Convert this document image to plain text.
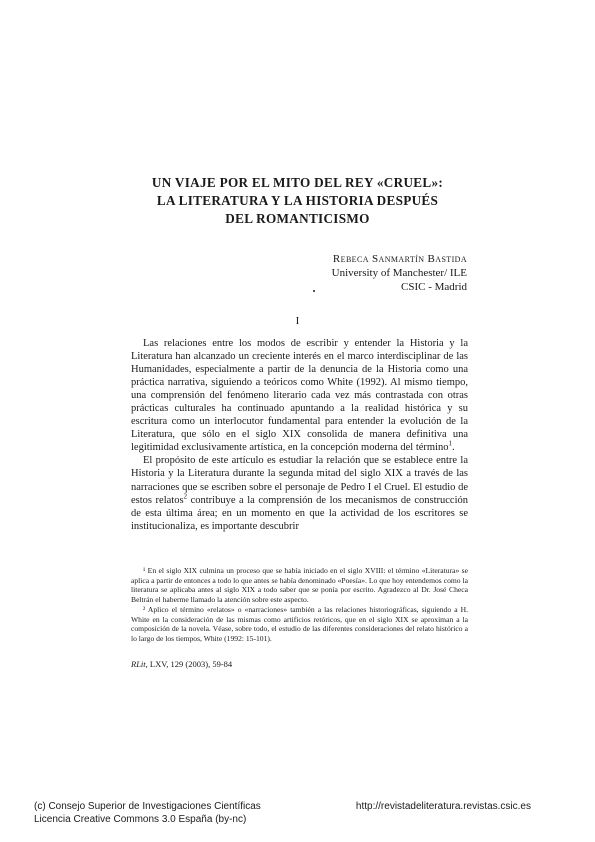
UN VIAJE POR EL MITO DEL REY «CRUEL»:
LA LITERATURA Y LA HISTORIA DESPUÉS
DEL ROMANTICISMO
Rebeca Sanmartín Bastida
University of Manchester/ ILE
CSIC - Madrid
I

Las relaciones entre los modos de escribir y entender la Historia y la Literatura han alcanzado un creciente interés en el marco interdisciplinar de las Humanidades, especialmente a partir de la denuncia de la Historia como una práctica narrativa, siguiendo a teóricos como White (1992). Al mismo tiempo, una comprensión del fenómeno literario cada vez más contrastada con otras prácticas culturales ha continuado apuntando a la realidad histórica y su escritura como un interlocutor fundamental para entender la evolución de la Literatura, que sólo en el siglo XIX consolida de manera definitiva una legitimidad exclusivamente artística, en la concepción moderna del término$^1$.

El propósito de este artículo es estudiar la relación que se establece entre la Historia y la Literatura durante la segunda mitad del siglo XIX a través de las narraciones que se escriben sobre el personaje de Pedro I el Cruel. El estudio de estos relatos$^2$ contribuye a la comprensión de los mecanismos de construcción de esta última área; en un momento en que la actividad de los escritores se institucionaliza, es importante descubrir

¹ En el siglo XIX culmina un proceso que se había iniciado en el siglo XVIII: el término «Literatura» se aplica a partir de entonces a todo lo que antes se había denominado «Poesía». Lo que hoy entendemos como la literatura se aplicaba antes al siglo XIX a todo saber que se ponía por escrito. Agradezco al Dr. José Checa Beltrán el haberme llamado la atención sobre este aspecto.

² Aplico el término «relatos» o «narraciones» también a las relaciones historiográficas, siguiendo a H. White en la consideración de las mismas como artificios retóricos, que en el siglo XIX se aproximan a la composición de la novela. Véase, sobre todo, el estudio de las diferentes consideraciones del relato histórico a lo largo de los tiempos, White (1992: 15-101).

RLit, LXV, 129 (2003), 59-84
(c) Consejo Superior de Investigaciones Científicas
Licencia Creative Commons 3.0 España (by-nc)
http://revistadeliteratura.revistas.csic.es
